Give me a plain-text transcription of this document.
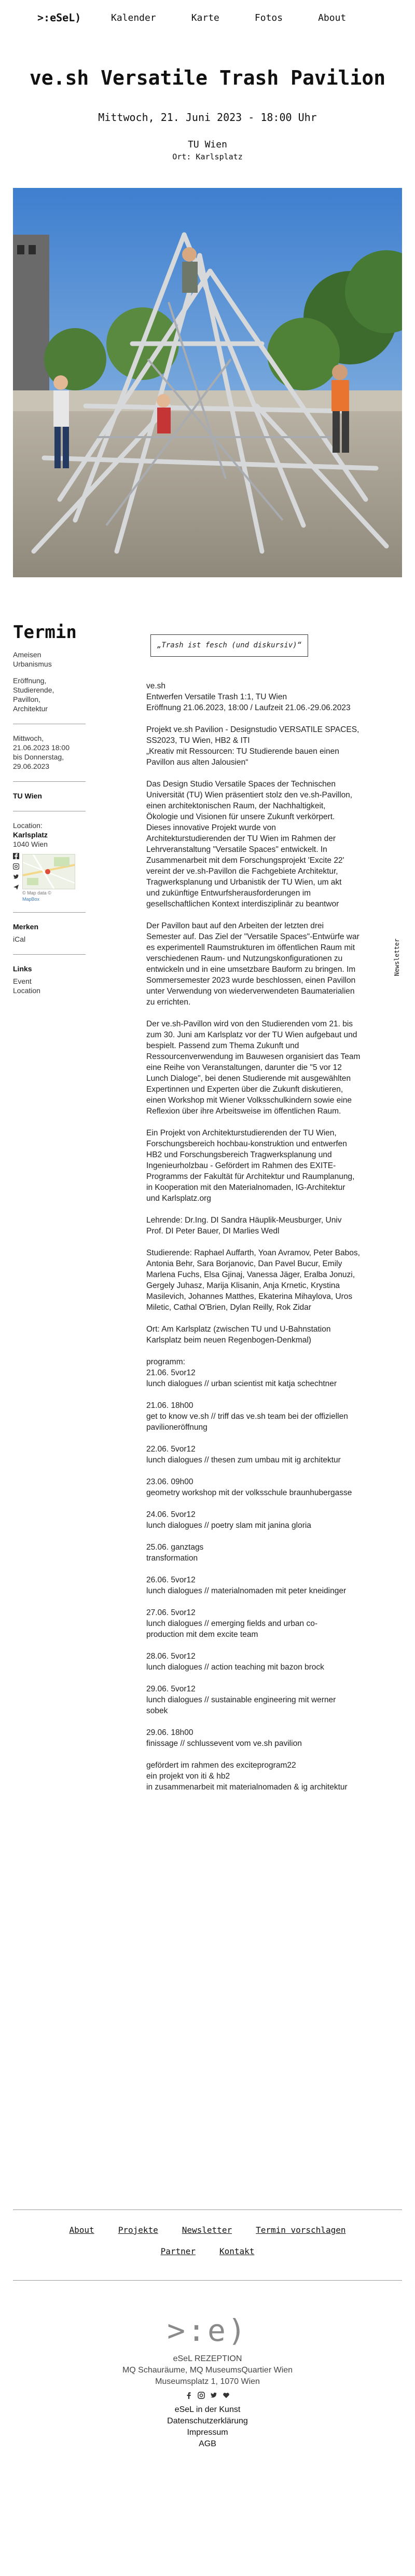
>:eSeL)	Kalender	Karte	Fotos	About
ve.sh Versatile Trash Pavilion
Mittwoch, 21. Juni 2023 - 18:00 Uhr
TU Wien
Ort: Karlsplatz
Termin
Ameisen
Urbanismus
Eröffnung,
Studierende,
Pavillon,
Architektur
Mittwoch,
21.06.2023 18:00
bis Donnerstag,
29.06.2023
TU Wien
Location:
Karlsplatz
1040 Wien
© Map data ©
MapBox
Merken
iCal
Links
Event
Location
Newsletter
„Trash ist fesch (und diskursiv)“

ve.sh
Entwerfen Versatile Trash 1:1, TU Wien
Eröffnung 21.06.2023, 18:00 / Laufzeit 21.06.-29.06.2023

Projekt ve.sh Pavilion - Designstudio VERSATILE SPACES,
SS2023, TU Wien, HB2 & ITI
„Kreativ mit Ressourcen: TU Studierende bauen einen
Pavillon aus alten Jalousien“

Das Design Studio Versatile Spaces der Technischen
Universität (TU) Wien präsentiert stolz den ve.sh-Pavillon,
einen architektonischen Raum, der Nachhaltigkeit,
Ökologie und Visionen für unsere Zukunft verkörpert.
Dieses innovative Projekt wurde von
Architekturstudierenden der TU Wien im Rahmen der
Lehrveranstaltung "Versatile Spaces" entwickelt. In
Zusammenarbeit mit dem Forschungsprojekt 'Excite 22'
vereint der ve.sh-Pavillon die Fachgebiete Architektur,
Tragwerksplanung und Urbanistik der TU Wien, um akt
und zukünftige Entwurfsherausforderungen im
gesellschaftlichen Kontext interdisziplinär zu beantwor

Der Pavillon baut auf den Arbeiten der letzten drei
Semester auf. Das Ziel der "Versatile Spaces"-Entwürfe war
es experimentell Raumstrukturen im öffentlichen Raum mit
verschiedenen Raum- und Nutzungskonfigurationen zu
entwickeln und in eine umsetzbare Bauform zu bringen. Im
Sommersemester 2023 wurde beschlossen, einen Pavillon
unter Verwendung von wiederverwendeten Baumaterialien
zu errichten.

Der ve.sh-Pavillon wird von den Studierenden vom 21. bis
zum 30. Juni am Karlsplatz vor der TU Wien aufgebaut und
bespielt. Passend zum Thema Zukunft und
Ressourcenverwendung im Bauwesen organisiert das Team
eine Reihe von Veranstaltungen, darunter die "5 vor 12
Lunch Dialoge", bei denen Studierende mit ausgewählten
Expertinnen und Experten über die Zukunft diskutieren,
einen Workshop mit Wiener Volksschulkindern sowie eine
Reflexion über ihre Arbeitsweise im öffentlichen Raum.

Ein Projekt von Architekturstudierenden der TU Wien,
Forschungsbereich hochbau-konstruktion und entwerfen
HB2 und Forschungsbereich Tragwerksplanung und
Ingenieurholzbau - Gefördert im Rahmen des EXITE-
Programms der Fakultät für Architektur und Raumplanung,
in Kooperation mit den Materialnomaden, IG-Architektur
und Karlsplatz.org

Lehrende: Dr.Ing. DI Sandra Häuplik-Meusburger, Univ
Prof. DI Peter Bauer, DI Marlies Wedl

Studierende: Raphael Auffarth, Yoan Avramov, Peter Babos,
Antonia Behr, Sara Borjanovic, Dan Pavel Bucur, Emily
Marlena Fuchs, Elsa Gjinaj, Vanessa Jäger, Eralba Jonuzi,
Gergely Juhasz, Marija Klisanin, Anja Krnetic, Krystina
Masilevich, Johannes Matthes, Ekaterina Mihaylova, Uros
Miletic, Cathal O'Brien, Dylan Reilly, Rok Zidar

Ort: Am Karlsplatz (zwischen TU und U-Bahnstation
Karlsplatz beim neuen Regenbogen-Denkmal)

programm:
21.06. 5vor12
lunch dialogues // urban scientist mit katja schechtner

21.06. 18h00
get to know ve.sh // triff das ve.sh team bei der offiziellen
pavilioneröffnung

22.06. 5vor12
lunch dialogues // thesen zum umbau mit ig architektur

23.06. 09h00
geometry workshop mit der volksschule braunhubergasse

24.06. 5vor12
lunch dialogues // poetry slam mit janina gloria

25.06. ganztags
transformation

26.06. 5vor12
lunch dialogues // materialnomaden mit peter kneidinger

27.06. 5vor12
lunch dialogues // emerging fields and urban co-
production mit dem excite team

28.06. 5vor12
lunch dialogues // action teaching mit bazon brock

29.06. 5vor12
lunch dialogues // sustainable engineering mit werner
sobek

29.06. 18h00
finissage // schlussevent vom ve.sh pavilion

gefördert im rahmen des exciteprogram22
ein projekt von iti & hb2
in zusammenarbeit mit materialnomaden & ig architektur

About	Projekte	Newsletter	Termin vorschlagen
Partner	Kontakt
>:e)
eSeL REZEPTION
MQ Schauräume, MQ MuseumsQuartier Wien
Museumsplatz 1, 1070 Wien
eSeL in der Kunst
Datenschutzerklärung
Impressum
AGB
